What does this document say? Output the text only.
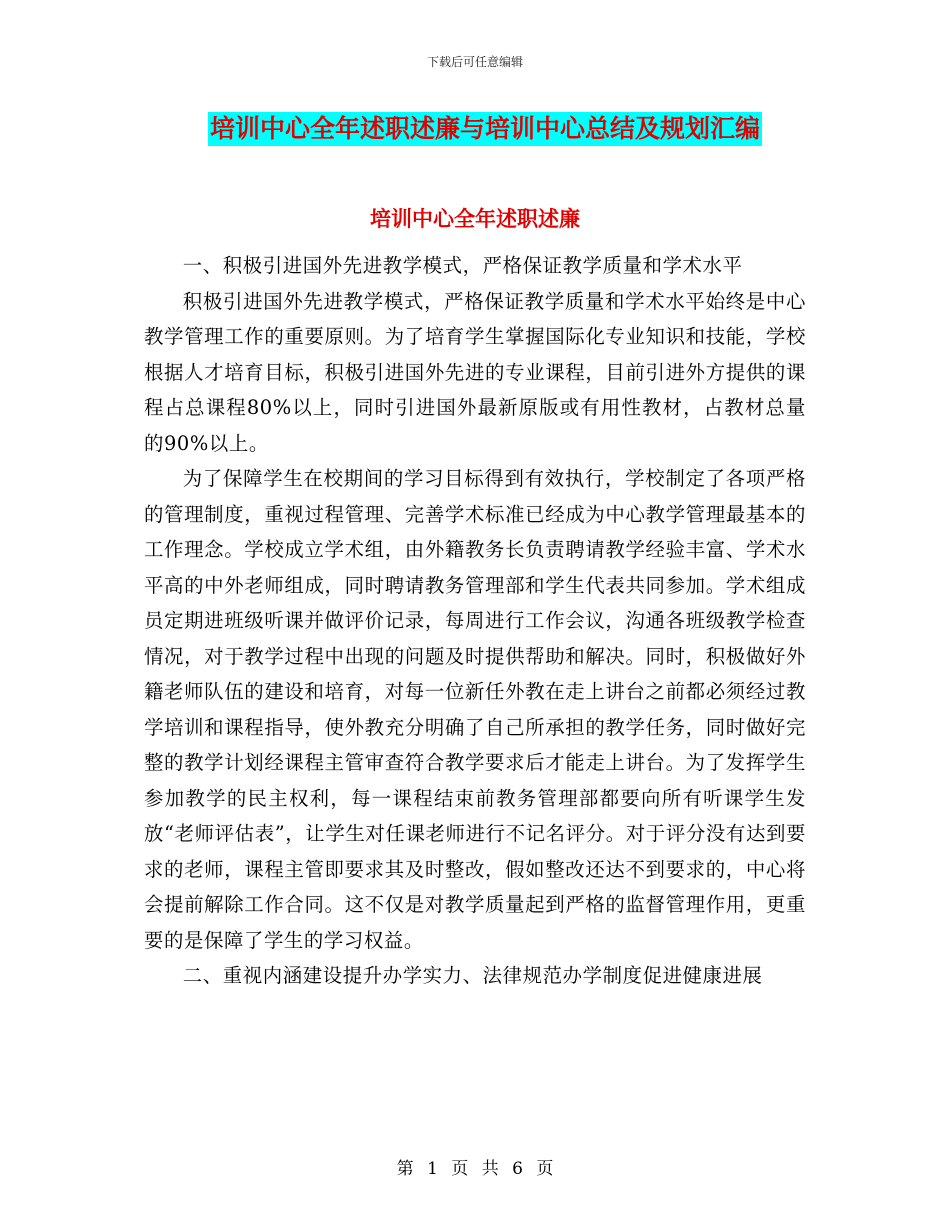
下载后可任意编辑
培训中心全年述职述廉与培训中心总结及规划汇编
培训中心全年述职述廉

一、积极引进国外先进教学模式，严格保证教学质量和学术水平

积极引进国外先进教学模式，严格保证教学质量和学术水平始终是中心教学管理工作的重要原则。为了培育学生掌握国际化专业知识和技能，学校根据人才培育目标，积极引进国外先进的专业课程，目前引进外方提供的课程占总课程80%以上，同时引进国外最新原版或有用性教材，占教材总量的90%以上。

为了保障学生在校期间的学习目标得到有效执行，学校制定了各项严格的管理制度，重视过程管理、完善学术标准已经成为中心教学管理最基本的工作理念。学校成立学术组，由外籍教务长负责聘请教学经验丰富、学术水平高的中外老师组成，同时聘请教务管理部和学生代表共同参加。学术组成员定期进班级听课并做评价记录，每周进行工作会议，沟通各班级教学检查情况，对于教学过程中出现的问题及时提供帮助和解决。同时，积极做好外籍老师队伍的建设和培育，对每一位新任外教在走上讲台之前都必须经过教学培训和课程指导，使外教充分明确了自己所承担的教学任务，同时做好完整的教学计划经课程主管审查符合教学要求后才能走上讲台。为了发挥学生参加教学的民主权利，每一课程结束前教务管理部都要向所有听课学生发放“老师评估表”，让学生对任课老师进行不记名评分。对于评分没有达到要求的老师，课程主管即要求其及时整改，假如整改还达不到要求的，中心将会提前解除工作合同。这不仅是对教学质量起到严格的监督管理作用，更重要的是保障了学生的学习权益。

二、重视内涵建设提升办学实力、法律规范办学制度促进健康进展

第 1 页 共 6 页
